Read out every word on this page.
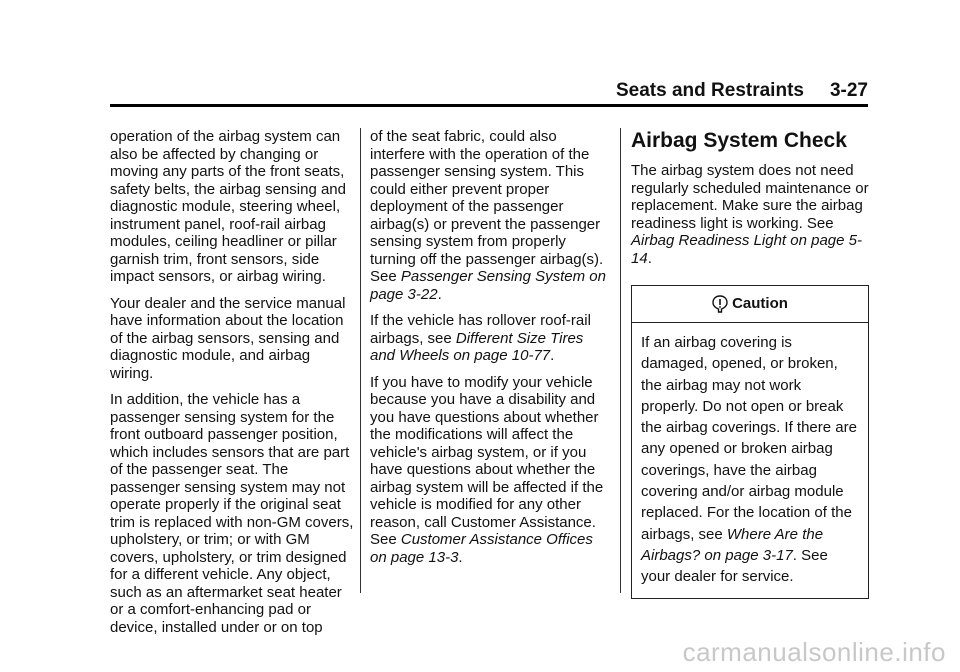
Seats and Restraints 3-27

operation of the airbag system can also be affected by changing or moving any parts of the front seats, safety belts, the airbag sensing and diagnostic module, steering wheel, instrument panel, roof-rail airbag modules, ceiling headliner or pillar garnish trim, front sensors, side impact sensors, or airbag wiring.

Your dealer and the service manual have information about the location of the airbag sensors, sensing and diagnostic module, and airbag wiring.

In addition, the vehicle has a passenger sensing system for the front outboard passenger position, which includes sensors that are part of the passenger seat. The passenger sensing system may not operate properly if the original seat trim is replaced with non-GM covers, upholstery, or trim; or with GM covers, upholstery, or trim designed for a different vehicle. Any object, such as an aftermarket seat heater or a comfort-enhancing pad or device, installed under or on top

of the seat fabric, could also interfere with the operation of the passenger sensing system. This could either prevent proper deployment of the passenger airbag(s) or prevent the passenger sensing system from properly turning off the passenger airbag(s). See Passenger Sensing System on page 3-22.

If the vehicle has rollover roof-rail airbags, see Different Size Tires and Wheels on page 10-77.

If you have to modify your vehicle because you have a disability and you have questions about whether the modifications will affect the vehicle's airbag system, or if you have questions about whether the airbag system will be affected if the vehicle is modified for any other reason, call Customer Assistance. See Customer Assistance Offices on page 13-3.

Airbag System Check

The airbag system does not need regularly scheduled maintenance or replacement. Make sure the airbag readiness light is working. See Airbag Readiness Light on page 5-14.

Caution
If an airbag covering is damaged, opened, or broken, the airbag may not work properly. Do not open or break the airbag coverings. If there are any opened or broken airbag coverings, have the airbag covering and/or airbag module replaced. For the location of the airbags, see Where Are the Airbags? on page 3-17. See your dealer for service.
carmanualsonline.info
